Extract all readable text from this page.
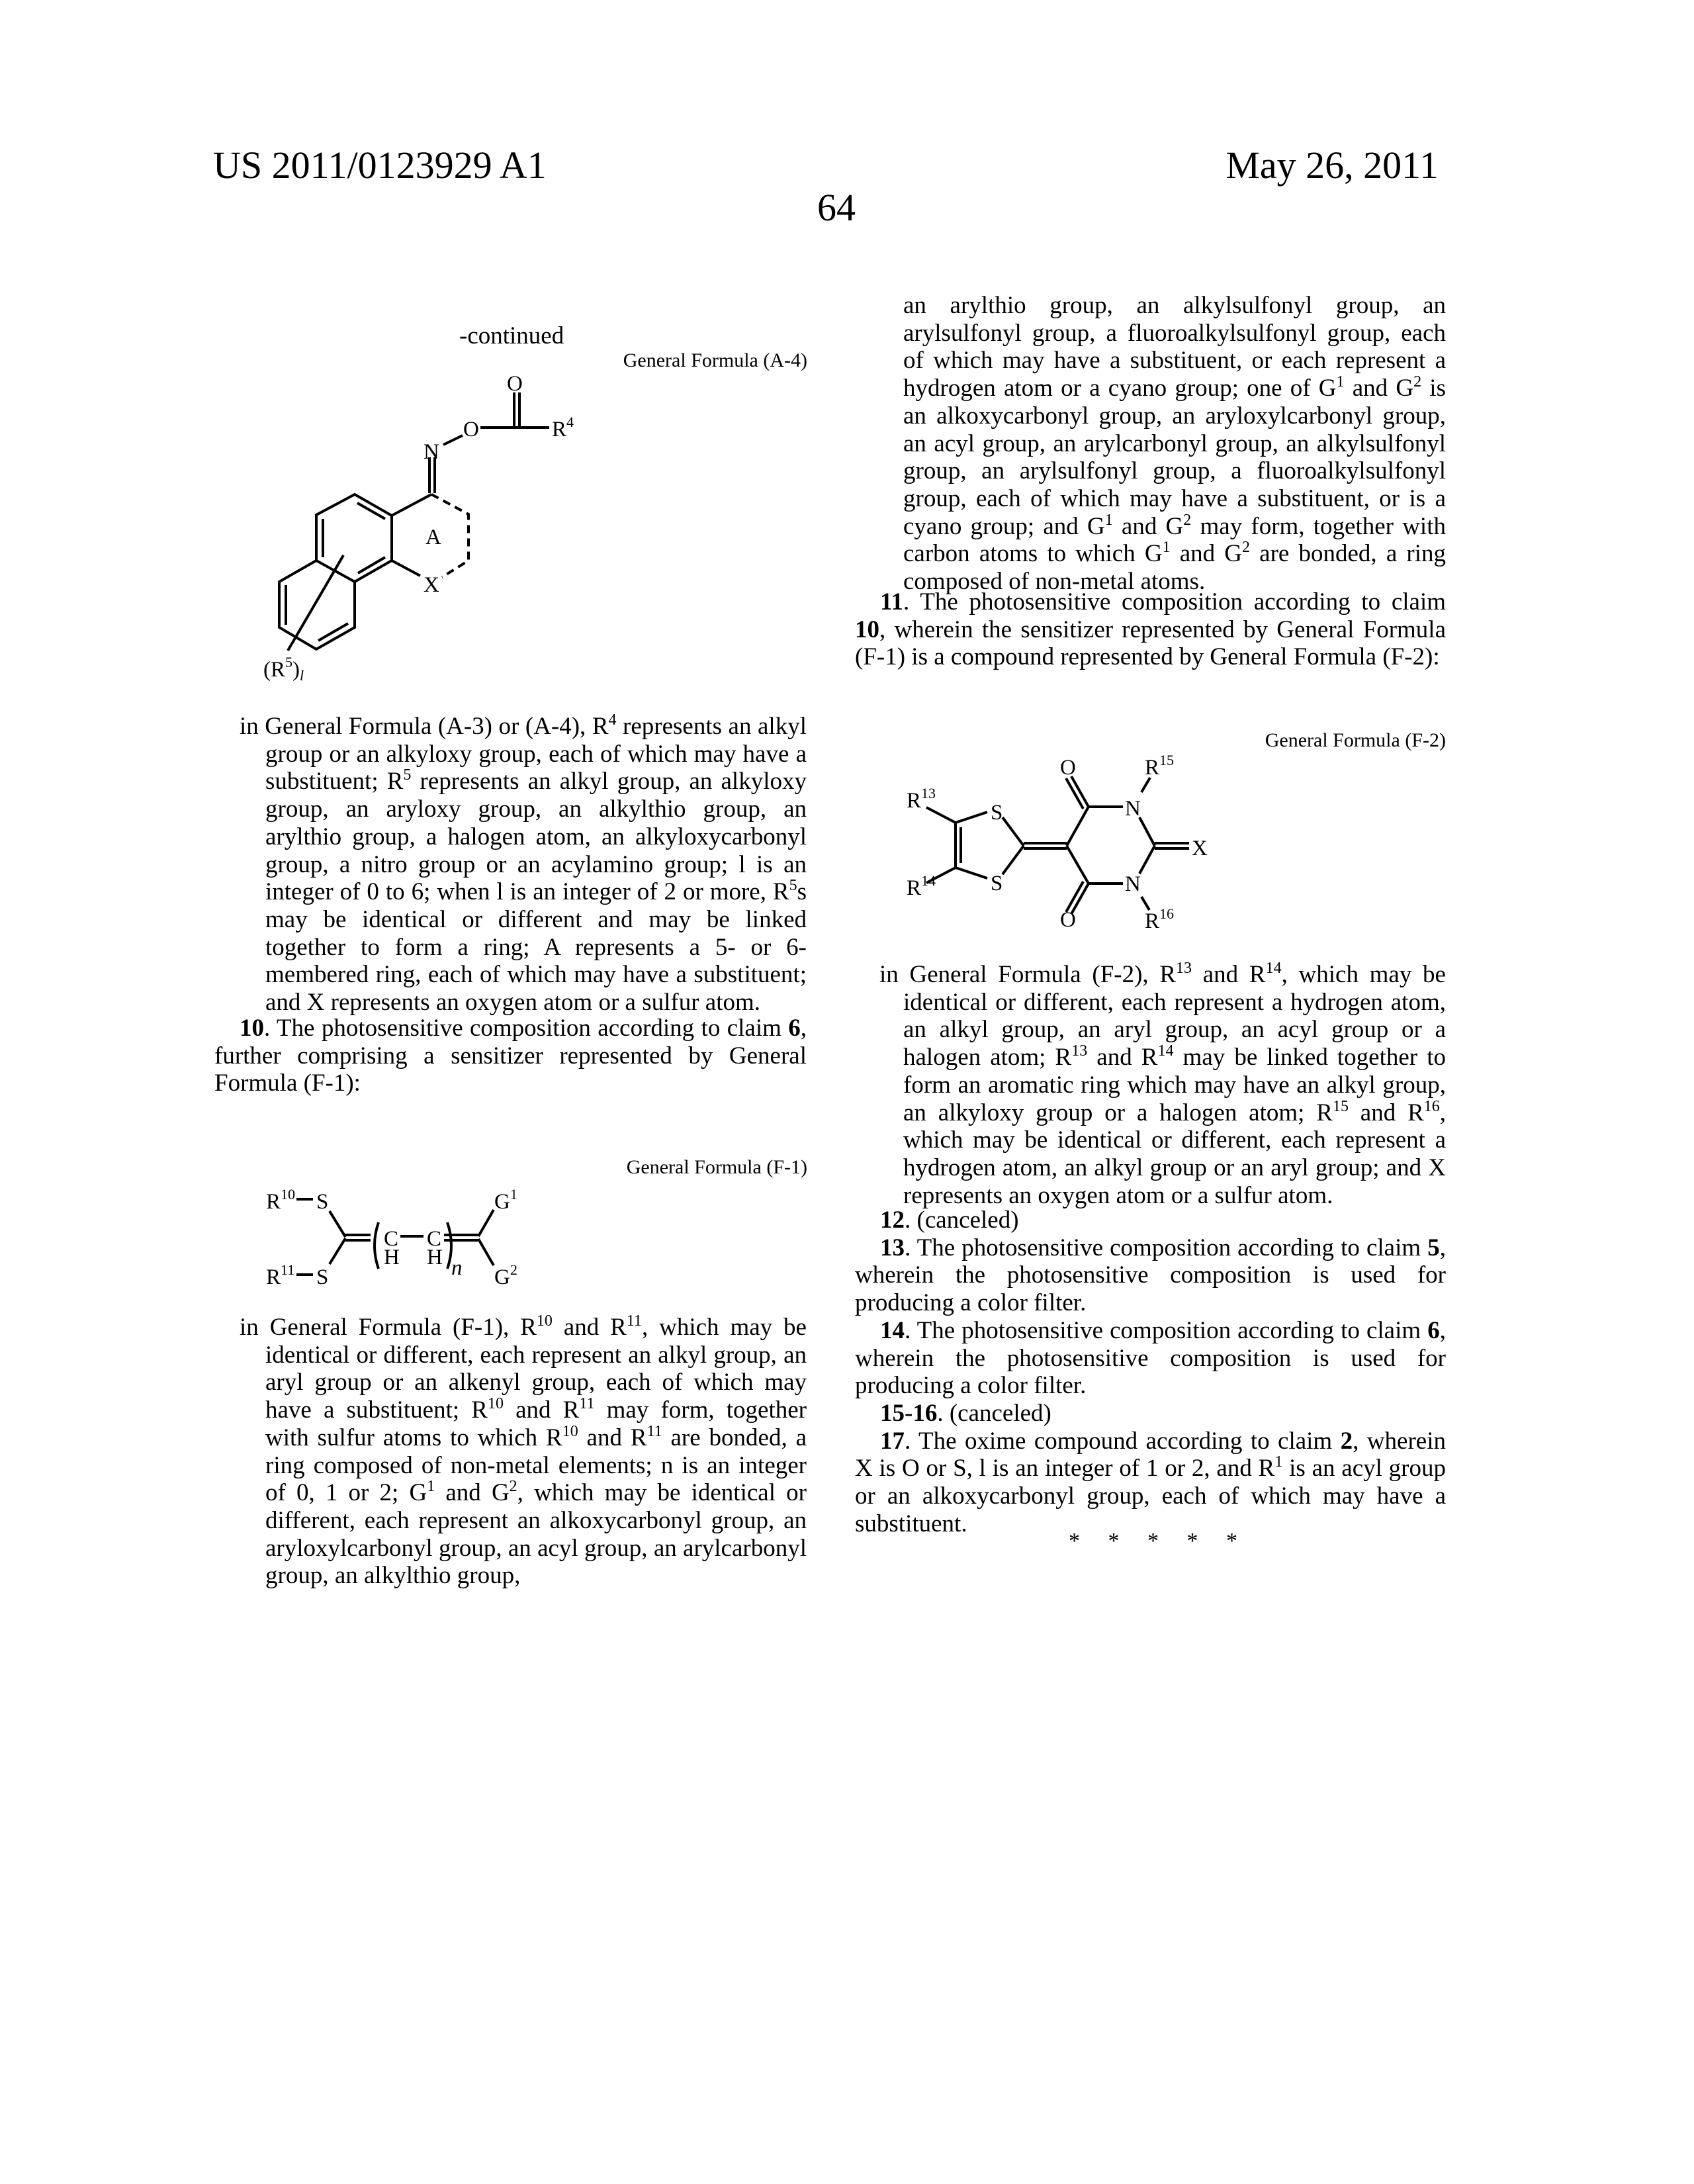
US 2011/0123929 A1
64
May 26, 2011
-continued
General Formula (A-4)
General Formula (F-1)
General Formula (F-2)
O
O	R4
N
A
X
(R5)l
R10 S
R11 S
C
H
C
H n
G1
G2
R13
R14
S
S
O
O
N
N
R15
R16
X

in General Formula (A-3) or (A-4), R4 represents an alkyl group or an alkyloxy group, each of which may have a substituent; R5 represents an alkyl group, an alkyloxy group, an aryloxy group, an alkylthio group, an arylthio group, a halogen atom, an alkyloxycarbonyl group, a nitro group or an acylamino group; l is an integer of 0 to 6; when l is an integer of 2 or more, R5s may be identical or different and may be linked together to form a ring; A represents a 5- or 6-membered ring, each of which may have a substituent; and X represents an oxygen atom or a sulfur atom.

10. The photosensitive composition according to claim 6, further comprising a sensitizer represented by General Formula (F-1):

in General Formula (F-1), R10 and R11, which may be identical or different, each represent an alkyl group, an aryl group or an alkenyl group, each of which may have a substituent; R10 and R11 may form, together with sulfur atoms to which R10 and R11 are bonded, a ring composed of non-metal elements; n is an integer of 0, 1 or 2; G1 and G2, which may be identical or different, each represent an alkoxycarbonyl group, an aryloxylcarbonyl group, an acyl group, an arylcarbonyl group, an alkylthio group,

an arylthio group, an alkylsulfonyl group, an arylsulfonyl group, a fluoroalkylsulfonyl group, each of which may have a substituent, or each represent a hydrogen atom or a cyano group; one of G1 and G2 is an alkoxycarbonyl group, an aryloxylcarbonyl group, an acyl group, an arylcarbonyl group, an alkylsulfonyl group, an arylsulfonyl group, a fluoroalkylsulfonyl group, each of which may have a substituent, or is a cyano group; and G1 and G2 may form, together with carbon atoms to which G1 and G2 are bonded, a ring composed of non-metal atoms.

11. The photosensitive composition according to claim 10, wherein the sensitizer represented by General Formula (F-1) is a compound represented by General Formula (F-2):

in General Formula (F-2), R13 and R14, which may be identical or different, each represent a hydrogen atom, an alkyl group, an aryl group, an acyl group or a halogen atom; R13 and R14 may be linked together to form an aromatic ring which may have an alkyl group, an alkyloxy group or a halogen atom; R15 and R16, which may be identical or different, each represent a hydrogen atom, an alkyl group or an aryl group; and X represents an oxygen atom or a sulfur atom.

12. (canceled)

13. The photosensitive composition according to claim 5, wherein the photosensitive composition is used for producing a color filter.

14. The photosensitive composition according to claim 6, wherein the photosensitive composition is used for producing a color filter.

15-16. (canceled)

17. The oxime compound according to claim 2, wherein X is O or S, l is an integer of 1 or 2, and R1 is an acyl group or an alkoxycarbonyl group, each of which may have a substituent.

*     *     *     *     *
